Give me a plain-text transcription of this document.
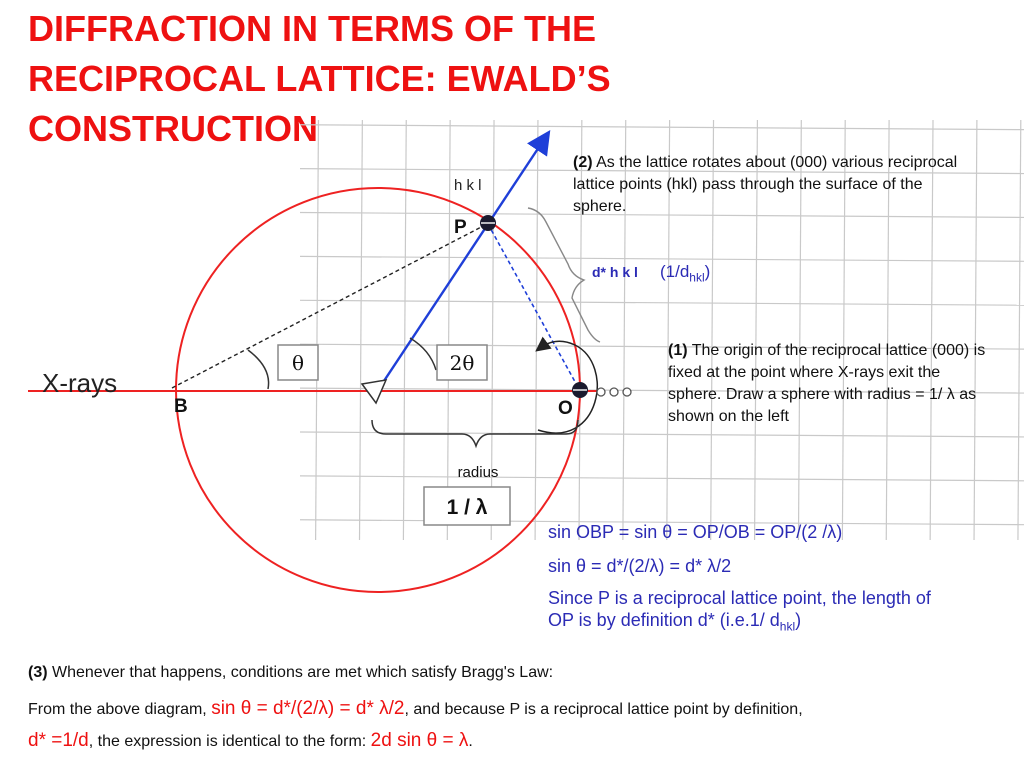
DIFFRACTION IN TERMS OF THE RECIPROCAL LATTICE: EWALD’S CONSTRUCTION
θ	2θ
radius
1 / λ
d* h k l
X-rays
h k l
P
B	O
$(1/d_{hkl})$
(2) As the lattice rotates about (000) various reciprocal lattice points (hkl) pass through the surface of the sphere.
(1) The origin of the reciprocal lattice (000) is fixed at the point where X-rays exit the sphere. Draw a sphere with radius = 1/ λ as shown on the left
sin OBP = sin θ = OP/OB = OP/(2 /λ)
sin θ = d*/(2/λ) = d* λ/2
Since P is a reciprocal lattice point, the length of
OP is by definition d* (i.e.1/ $d_{hkl}$)
(3) Whenever that happens, conditions are met which satisfy Bragg's Law:
From the above diagram, sin θ = d*/(2/λ) = d* λ/2, and because P is a reciprocal lattice point by definition,
d* =1/d, the expression is identical to the form: 2d sin θ = λ.
